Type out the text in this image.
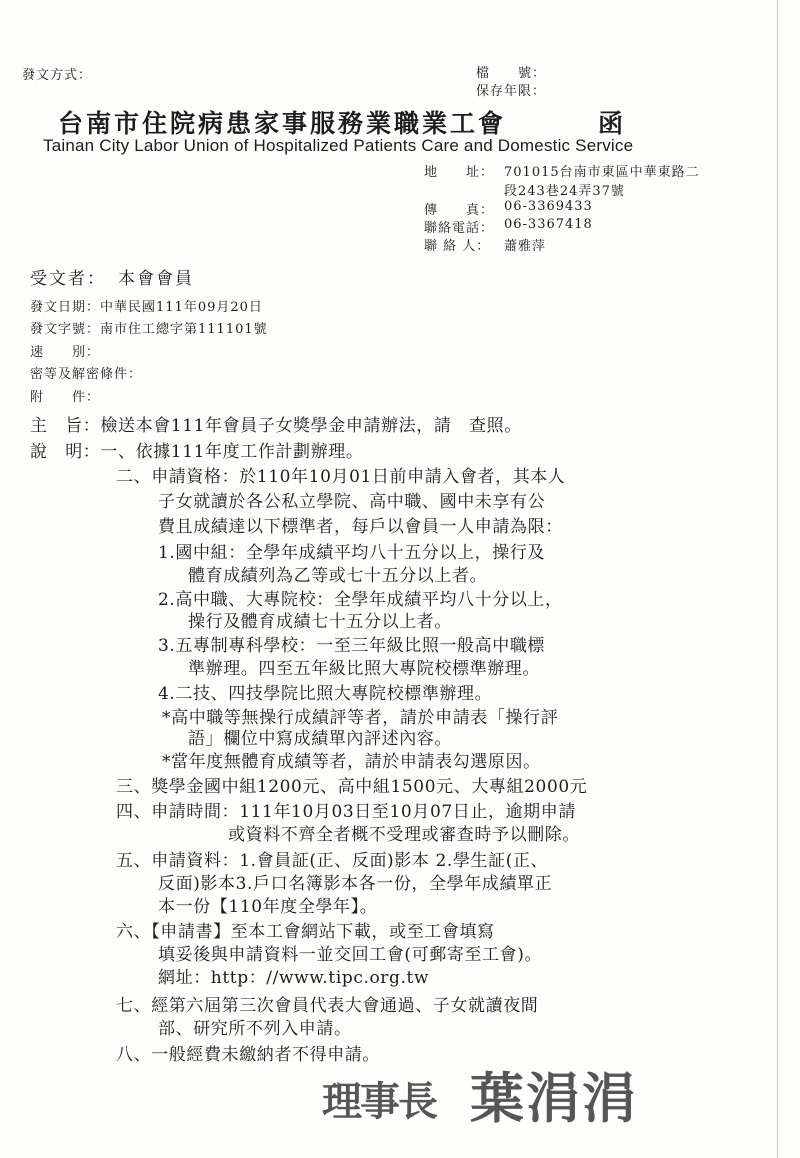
發文方式：	檔　　號：
保存年限：
台南市住院病患家事服務業職業工會	函
Tainan City Labor Union of Hospitalized Patients Care and Domestic Service
地　　址： 701015台南市東區中華東路二
段243巷24弄37號
傳　　真： 06-3369433
聯絡電話： 06-3367418
聯 絡 人： 蕭雅萍
受文者： 本會會員
發文日期：中華民國111年09月20日
發文字號：南市住工總字第111101號
速　　別：
密等及解密條件：
附　　件：
主　旨：檢送本會111年會員子女獎學金申請辦法，請　查照。
說　明：一、依據111年度工作計劃辦理。
二、申請資格：於110年10月01日前申請入會者，其本人
子女就讀於各公私立學院、高中職、國中未享有公
費且成績達以下標準者，每戶以會員一人申請為限：
1.國中組：全學年成績平均八十五分以上，操行及
體育成績列為乙等或七十五分以上者。
2.高中職、大專院校：全學年成績平均八十分以上，
操行及體育成績七十五分以上者。
3.五專制專科學校：一至三年級比照一般高中職標
準辦理。四至五年級比照大專院校標準辦理。
4.二技、四技學院比照大專院校標準辦理。
*高中職等無操行成績評等者，請於申請表「操行評
語」欄位中寫成績單內評述內容。
*當年度無體育成績等者，請於申請表勾選原因。
三、獎學金國中組1200元、高中組1500元、大專組2000元
四、申請時間：111年10月03日至10月07日止，逾期申請
或資料不齊全者概不受理或審查時予以刪除。
五、申請資料：1.會員証(正、反面)影本 2.學生証(正、
反面)影本3.戶口名簿影本各一份，全學年成績單正
本一份【110年度全學年】。
六、【申請書】至本工會網站下載，或至工會填寫
填妥後與申請資料一並交回工會(可郵寄至工會)。
網址：http：//www.tipc.org.tw
七、經第六屆第三次會員代表大會通過、子女就讀夜間
部、研究所不列入申請。
八、一般經費未繳納者不得申請。
理事長 葉涓涓
